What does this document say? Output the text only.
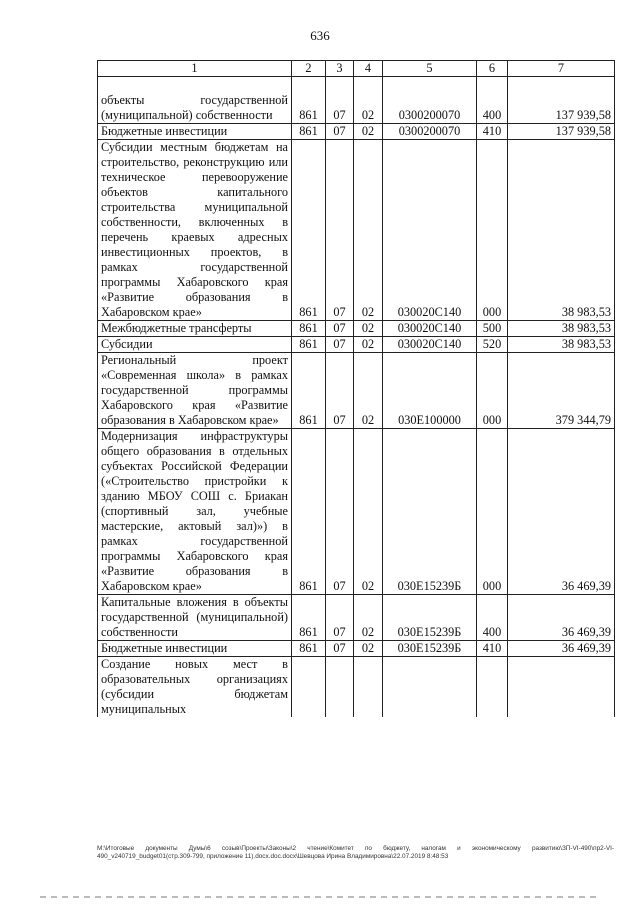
636
1	2	3	4	5	6	7
объекты государственной (муниципальной) собственности	861	07	02	0300200070	400	137 939,58
Бюджетные инвестиции	861	07	02	0300200070	410	137 939,58
Субсидии местным бюджетам на строительство, реконструкцию или техническое перевооружение объектов капитального строительства муниципальной собственности, включенных в перечень краевых адресных инвестиционных проектов, в рамках государственной программы Хабаровского края «Развитие образования в Хабаровском крае»	861	07	02	030020С140	000	38 983,53
Межбюджетные трансферты	861	07	02	030020С140	500	38 983,53
Субсидии	861	07	02	030020С140	520	38 983,53
Региональный проект «Современная школа» в рамках государственной программы Хабаровского края «Развитие образования в Хабаровском крае»	861	07	02	030Е100000	000	379 344,79
Модернизация инфраструктуры общего образования в отдельных субъектах Российской Федерации («Строительство пристройки к зданию МБОУ СОШ с. Бриакан (спортивный зал, учебные мастерские, актовый зал)») в рамках государственной программы Хабаровского края «Развитие образования в Хабаровском крае»	861	07	02	030Е15239Б	000	36 469,39
Капитальные вложения в объекты государственной (муниципальной) собственности	861	07	02	030Е15239Б	400	36 469,39
Бюджетные инвестиции	861	07	02	030Е15239Б	410	36 469,39
Создание новых мест в образовательных организациях (субсидии бюджетам муниципальных						
M:\Итоговые документы Думы\6 созыв\Проекты\Законы\2 чтение\Комитет по бюджету, налогам и экономическому развитию\ЗП-VI-490\пр2-VI-490_v240719_budget01(стр.309-799, приложение 11).docx.doc.docx\Шевцова Ирина Владимировна\22.07.2019 8:48:53
